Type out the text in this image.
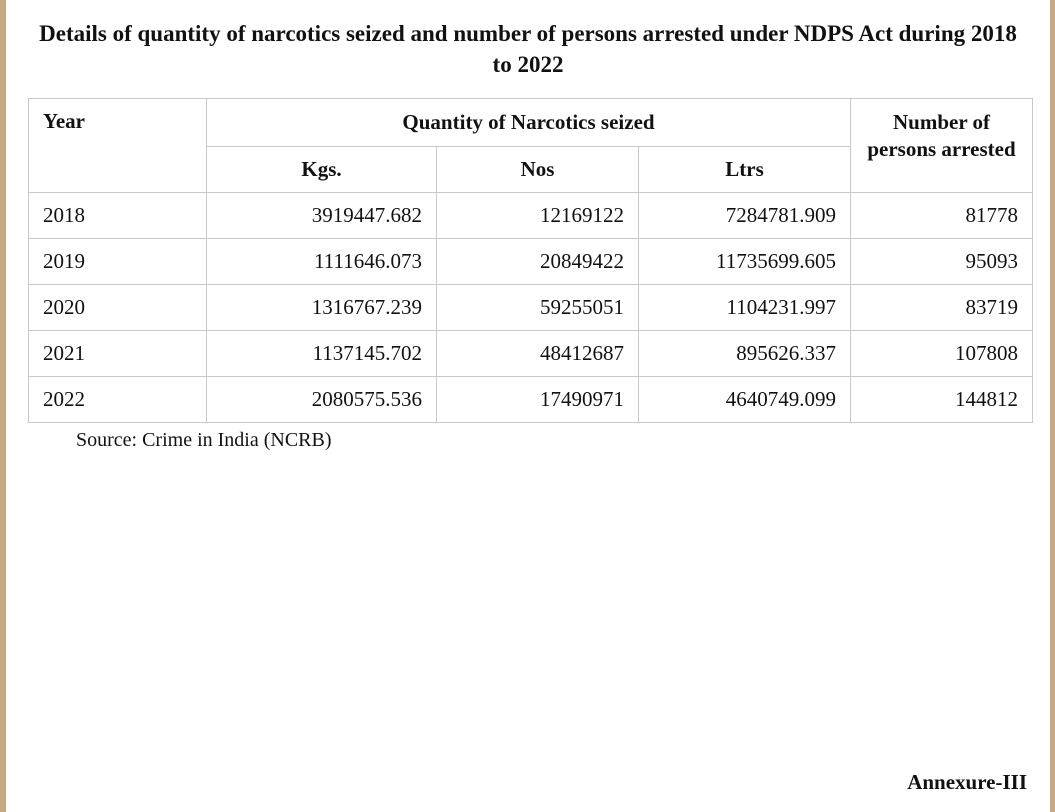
Details of quantity of narcotics seized and number of persons arrested under NDPS Act during 2018 to 2022
Year	Quantity of Narcotics seized			Number of persons arrested
	Kgs.	Nos	Ltrs	
2018	3919447.682	12169122	7284781.909	81778
2019	1111646.073	20849422	11735699.605	95093
2020	1316767.239	59255051	1104231.997	83719
2021	1137145.702	48412687	895626.337	107808
2022	2080575.536	17490971	4640749.099	144812
Source: Crime in India (NCRB)
Annexure-III
